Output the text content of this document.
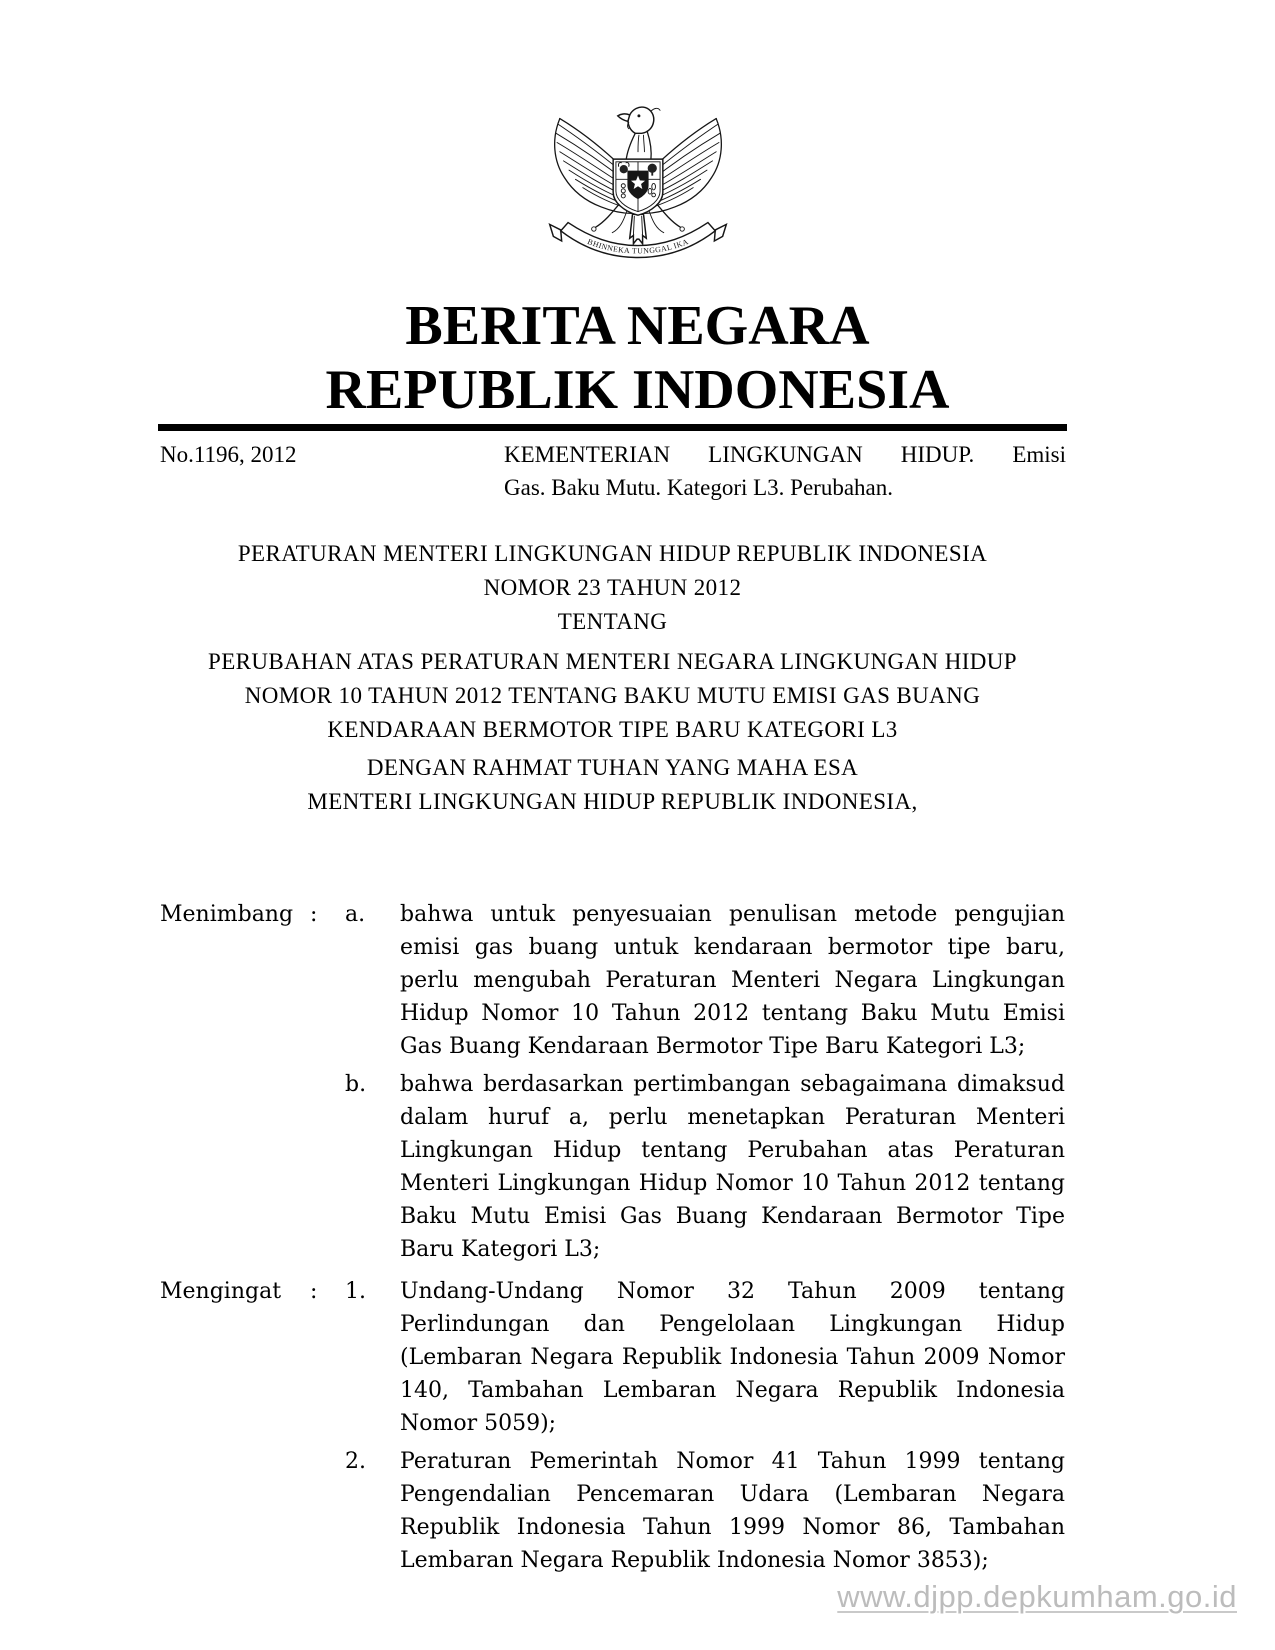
BHINNEKA TUNGGAL IKA
BERITA NEGARA
REPUBLIK INDONESIA
No.1196, 2012	KEMENTERIAN LINGKUNGAN HIDUP. Emisi
Gas. Baku Mutu. Kategori L3. Perubahan.
PERATURAN MENTERI LINGKUNGAN HIDUP REPUBLIK INDONESIA
NOMOR 23 TAHUN 2012
TENTANG
PERUBAHAN ATAS PERATURAN MENTERI NEGARA LINGKUNGAN HIDUP
NOMOR 10 TAHUN 2012 TENTANG BAKU MUTU EMISI GAS BUANG
KENDARAAN BERMOTOR TIPE BARU KATEGORI L3
DENGAN RAHMAT TUHAN YANG MAHA ESA
MENTERI LINGKUNGAN HIDUP REPUBLIK INDONESIA,
Menimbang :	a.	bahwa untuk penyesuaian penulisan metode pengujian emisi gas buang untuk kendaraan bermotor tipe baru, perlu mengubah Peraturan Menteri Negara Lingkungan Hidup Nomor 10 Tahun 2012 tentang Baku Mutu Emisi Gas Buang Kendaraan Bermotor Tipe Baru Kategori L3;
b.	bahwa berdasarkan pertimbangan sebagaimana dimaksud dalam huruf a, perlu menetapkan Peraturan Menteri Lingkungan Hidup tentang Perubahan atas Peraturan Menteri Lingkungan Hidup Nomor 10 Tahun 2012 tentang Baku Mutu Emisi Gas Buang Kendaraan Bermotor Tipe Baru Kategori L3;
Mengingat	:	1.	Undang-Undang Nomor 32 Tahun 2009 tentang Perlindungan dan Pengelolaan Lingkungan Hidup (Lembaran Negara Republik Indonesia Tahun 2009 Nomor 140, Tambahan Lembaran Negara Republik Indonesia Nomor 5059);
2.	Peraturan Pemerintah Nomor 41 Tahun 1999 tentang Pengendalian Pencemaran Udara (Lembaran Negara Republik Indonesia Tahun 1999 Nomor 86, Tambahan Lembaran Negara Republik Indonesia Nomor 3853);
www.djpp.depkumham.go.id
